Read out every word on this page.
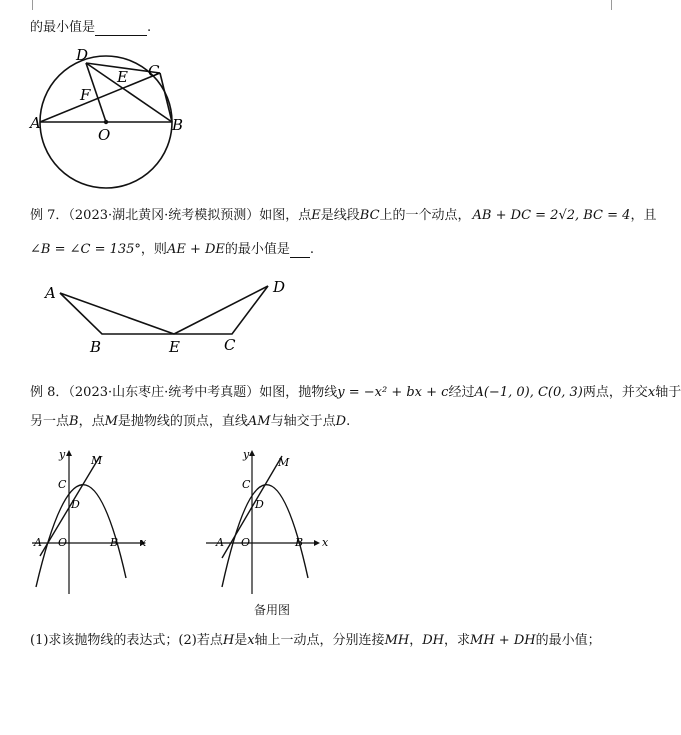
的最小值是	.
D
C
E
F
A
O
B
例 7．（2023·湖北黄冈·统考模拟预测）如图，点E是线段BC上的一个动点， AB + DC = 2√2, BC = 4，且
∠B = ∠C = 135°，则AE + DE的最小值是 .
A	D
B	E	C
例 8．（2023·山东枣庄·统考中考真题）如图，抛物线y = −x² + bx + c经过A(−1, 0), C(0, 3)两点，并交x轴于
另一点B，点M是抛物线的顶点，直线AM与轴交于点D.
y M
C
D
A O	B x
y
M
C
D
A O	B x
备用图
(1)求该抛物线的表达式；(2)若点H是x轴上一动点，分别连接MH，DH，求MH + DH的最小值；
